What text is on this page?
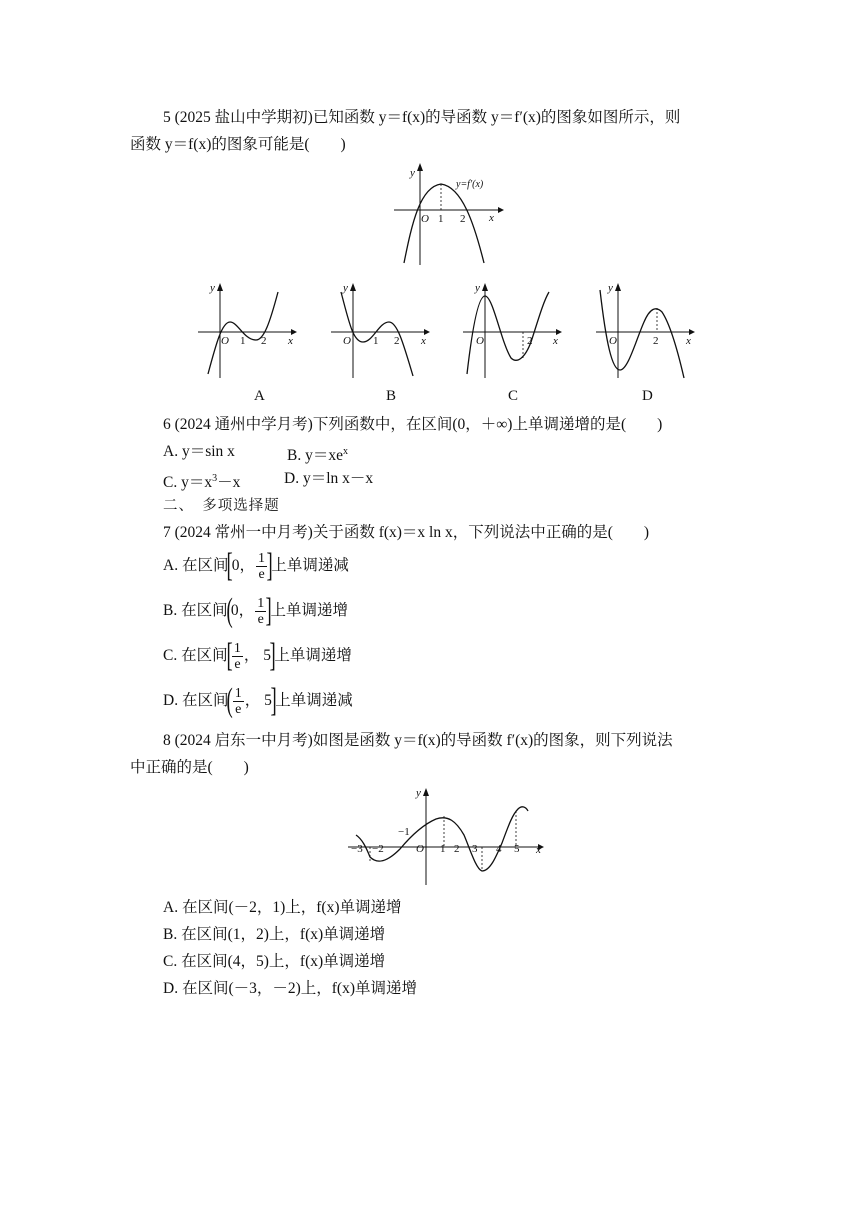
5 (2025 盐山中学期初)已知函数 y＝f(x)的导函数 y＝f′(x)的图象如图所示，则
函数 y＝f(x)的图象可能是(　　)
y
x
O 1 2
y=f′(x)
y
x
O 1 2
A
y
x
O 1 2
B
y
x
O	2
C
y
x
O	2
D
6 (2024 通州中学月考)下列函数中，在区间(0，＋∞)上单调递增的是(　　)
A. y＝sin x	B. $y=xe^x$
C. $y=x^3-x$	D. y＝ln x－x
二、　多项选择题
7 (2024 常州一中月考)关于函数 f(x)＝x ln x，下列说法中正确的是(　　)
A. 在区间
[
0， $\frac{1}{e}$ ]
上单调递减
B. 在区间
(
0， $\frac{1}{e}$ ]
上单调递增
C. 在区间
[ $\frac{1}{e}$ ， 5
]
上单调递增
D. 在区间
( $\frac{1}{e}$ ， 5
]
上单调递减
8 (2024 启东一中月考)如图是函数 y＝f(x)的导函数 f′(x)的图象，则下列说法
中正确的是(　　)
y
x
O
−3 −2
−1
1 2 3 4 5
A. 在区间(－2，1)上，f(x)单调递增
B. 在区间(1，2)上，f(x)单调递增
C. 在区间(4，5)上，f(x)单调递增
D. 在区间(－3，－2)上，f(x)单调递增
